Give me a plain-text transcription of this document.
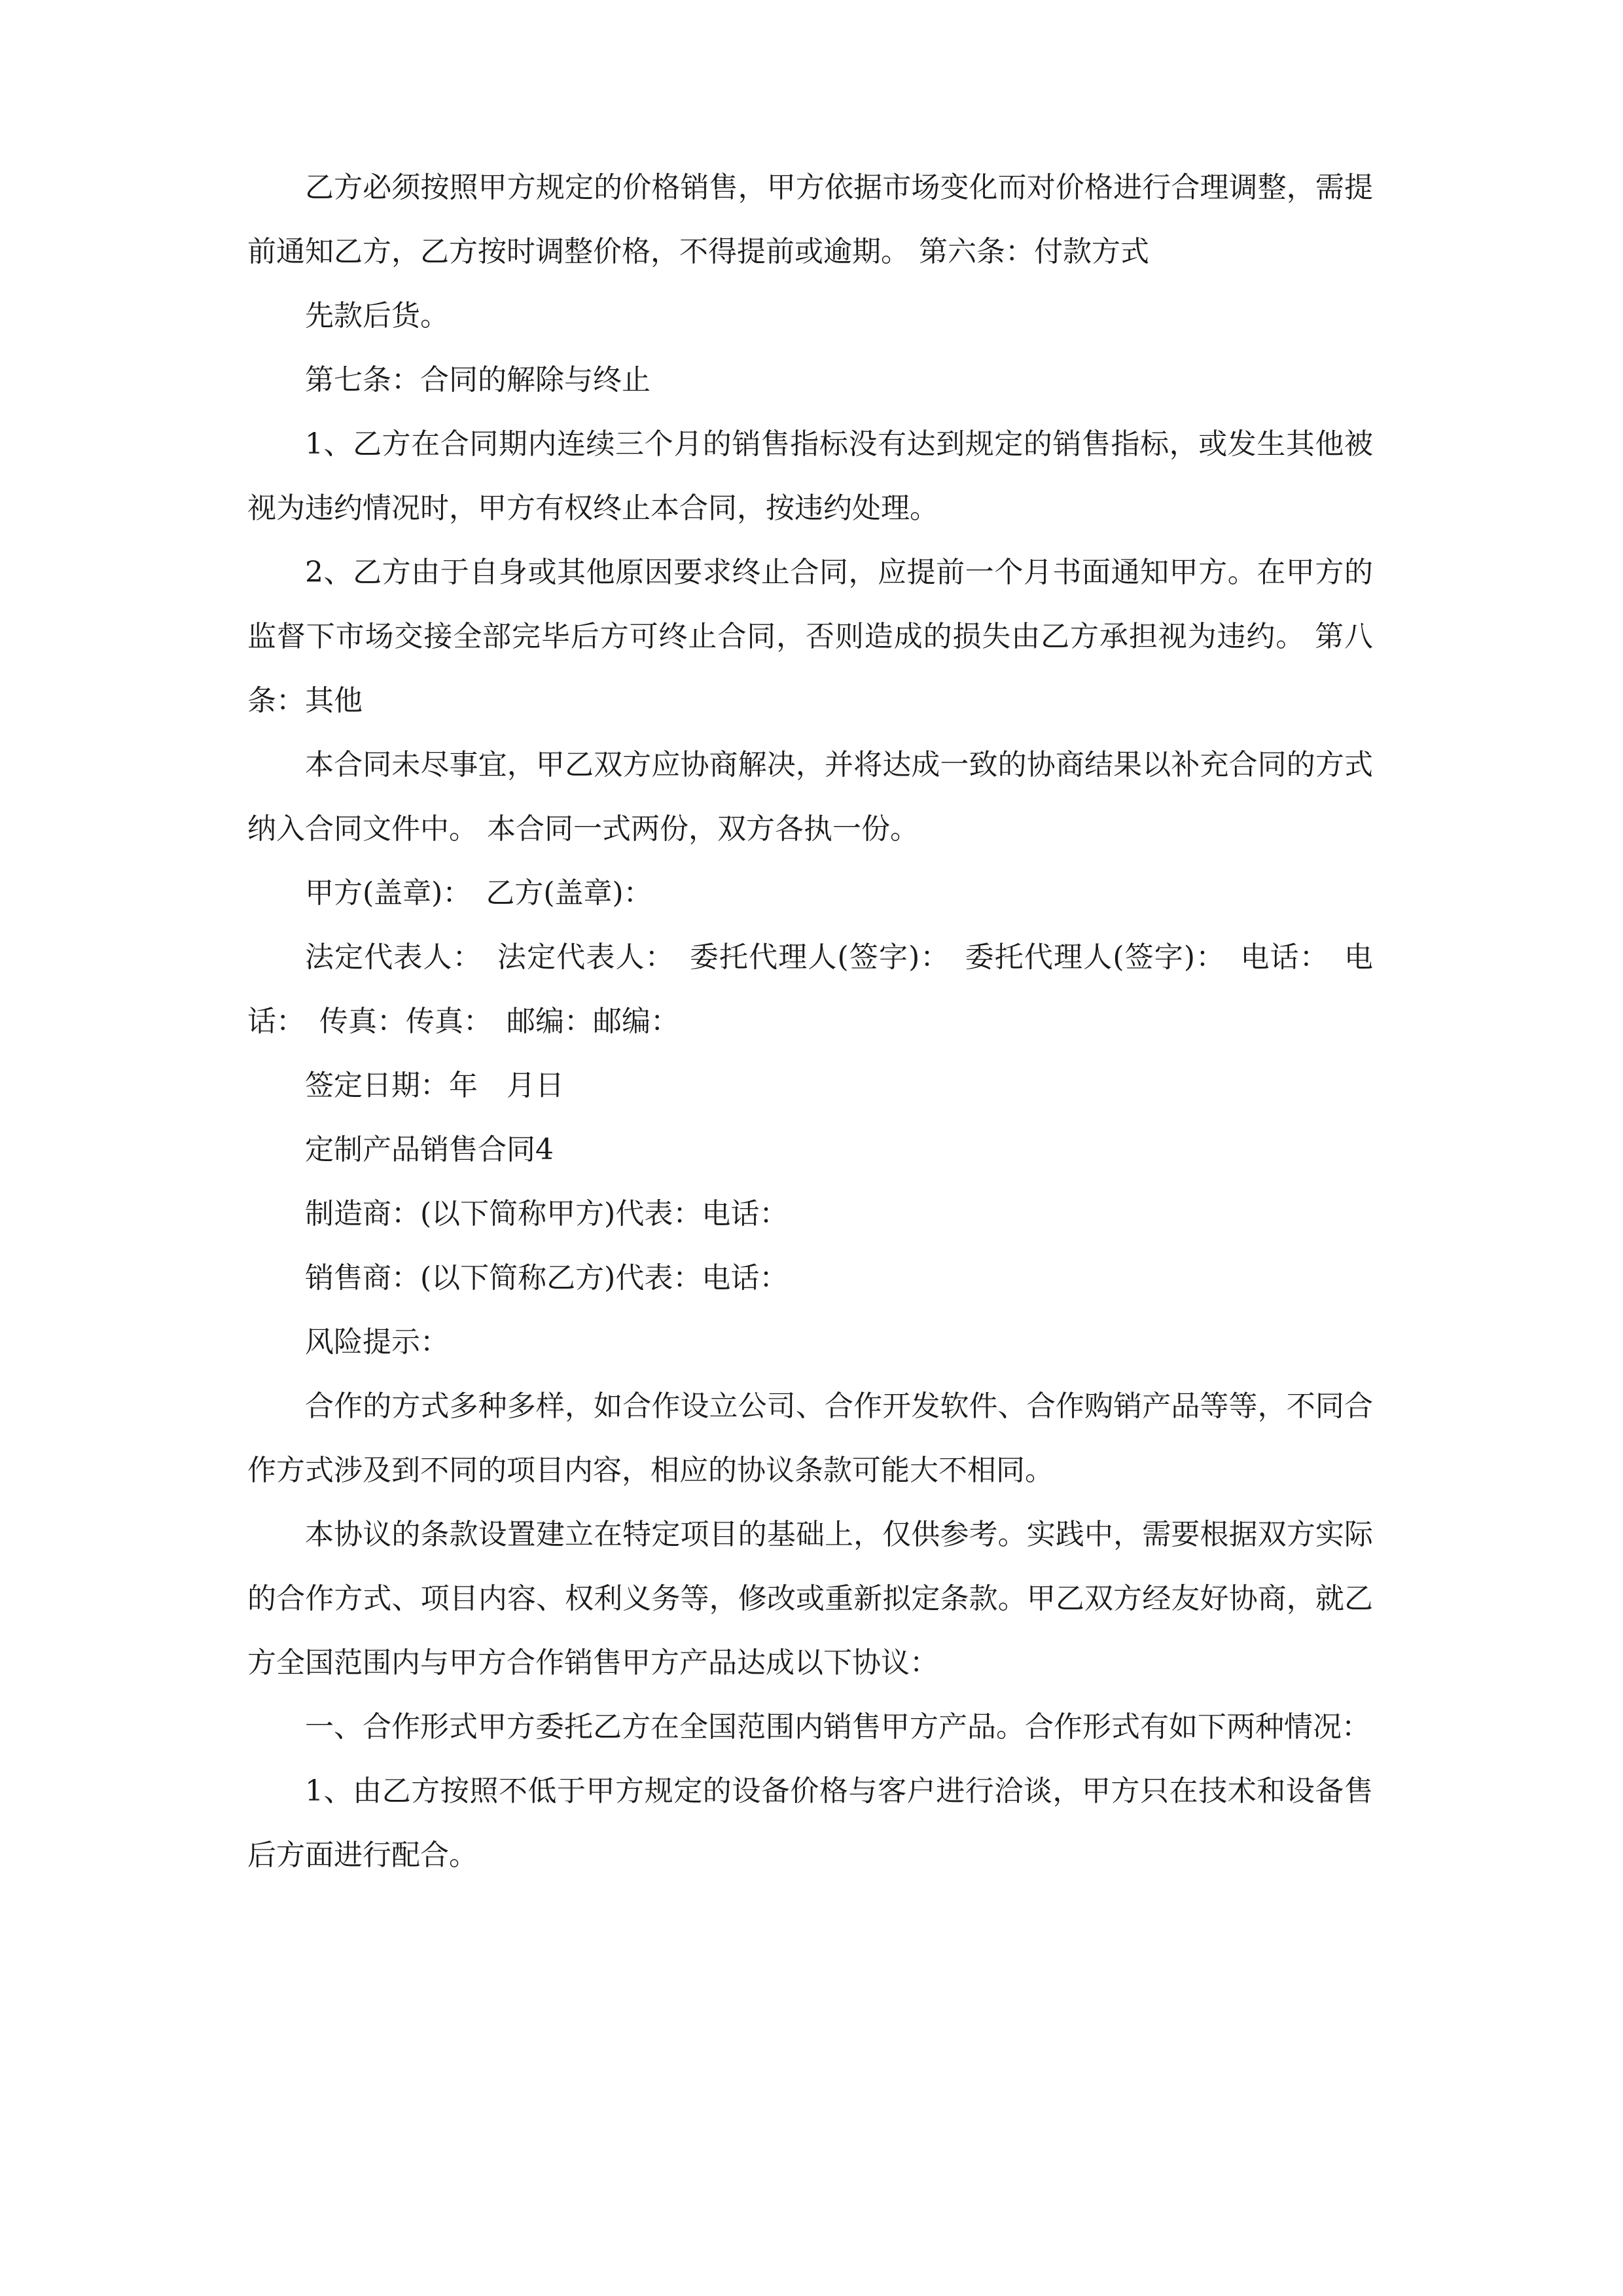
乙方必须按照甲方规定的价格销售，甲方依据市场变化而对价格进行合理调整，需提前通知乙方，乙方按时调整价格，不得提前或逾期。 第六条：付款方式

先款后货。

第七条：合同的解除与终止

1、乙方在合同期内连续三个月的销售指标没有达到规定的销售指标，或发生其他被视为违约情况时，甲方有权终止本合同，按违约处理。

2、乙方由于自身或其他原因要求终止合同，应提前一个月书面通知甲方。在甲方的监督下市场交接全部完毕后方可终止合同，否则造成的损失由乙方承担视为违约。 第八条：其他

本合同未尽事宜，甲乙双方应协商解决，并将达成一致的协商结果以补充合同的方式纳入合同文件中。 本合同一式两份，双方各执一份。

甲方(盖章)：　乙方(盖章)：

法定代表人：　法定代表人：　委托代理人(签字)：　委托代理人(签字)：　电话：　电话：　传真：传真：　邮编：邮编：

签定日期：年　月日

定制产品销售合同4

制造商：(以下简称甲方)代表：电话：

销售商：(以下简称乙方)代表：电话：

风险提示：

合作的方式多种多样，如合作设立公司、合作开发软件、合作购销产品等等，不同合作方式涉及到不同的项目内容，相应的协议条款可能大不相同。

本协议的条款设置建立在特定项目的基础上，仅供参考。实践中，需要根据双方实际的合作方式、项目内容、权利义务等，修改或重新拟定条款。甲乙双方经友好协商，就乙方全国范围内与甲方合作销售甲方产品达成以下协议：

一、合作形式甲方委托乙方在全国范围内销售甲方产品。合作形式有如下两种情况：

1、由乙方按照不低于甲方规定的设备价格与客户进行洽谈，甲方只在技术和设备售后方面进行配合。
